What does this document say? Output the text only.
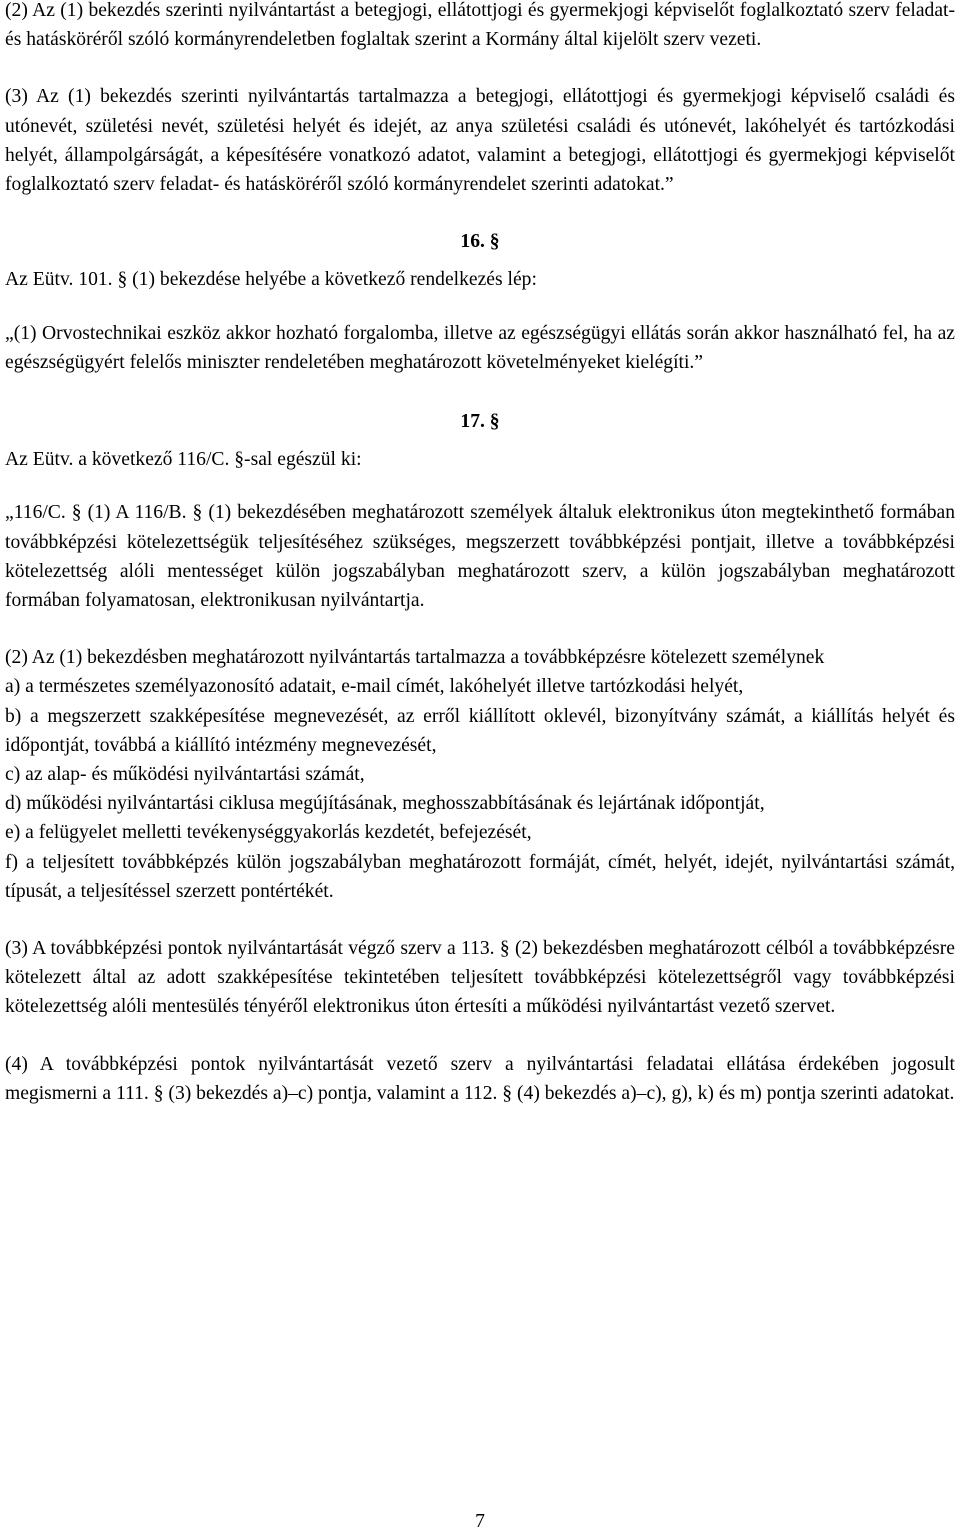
(2) Az (1) bekezdés szerinti nyilvántartást a betegjogi, ellátottjogi és gyermekjogi képviselőt foglalkoztató szerv feladat- és hatásköréről szóló kormányrendeletben foglaltak szerint a Kormány által kijelölt szerv vezeti.

(3) Az (1) bekezdés szerinti nyilvántartás tartalmazza a betegjogi, ellátottjogi és gyermekjogi képviselő családi és utónevét, születési nevét, születési helyét és idejét, az anya születési családi és utónevét, lakóhelyét és tartózkodási helyét, állampolgárságát, a képesítésére vonatkozó adatot, valamint a betegjogi, ellátottjogi és gyermekjogi képviselőt foglalkoztató szerv feladat- és hatásköréről szóló kormányrendelet szerinti adatokat.”

16. §

Az Eütv. 101. § (1) bekezdése helyébe a következő rendelkezés lép:

„(1) Orvostechnikai eszköz akkor hozható forgalomba, illetve az egészségügyi ellátás során akkor használható fel, ha az egészségügyért felelős miniszter rendeletében meghatározott követelményeket kielégíti.”

17. §

Az Eütv. a következő 116/C. §-sal egészül ki:

„116/C. § (1) A 116/B. § (1) bekezdésében meghatározott személyek általuk elektronikus úton megtekinthető formában továbbképzési kötelezettségük teljesítéséhez szükséges, megszerzett továbbképzési pontjait, illetve a továbbképzési kötelezettség alóli mentességet külön jogszabályban meghatározott szerv, a külön jogszabályban meghatározott formában folyamatosan, elektronikusan nyilvántartja.

(2) Az (1) bekezdésben meghatározott nyilvántartás tartalmazza a továbbképzésre kötelezett személynek

a) a természetes személyazonosító adatait, e-mail címét, lakóhelyét illetve tartózkodási helyét,

b) a megszerzett szakképesítése megnevezését, az erről kiállított oklevél, bizonyítvány számát, a kiállítás helyét és időpontját, továbbá a kiállító intézmény megnevezését,

c) az alap- és működési nyilvántartási számát,

d) működési nyilvántartási ciklusa megújításának, meghosszabbításának és lejártának időpontját,

e) a felügyelet melletti tevékenységgyakorlás kezdetét, befejezését,

f) a teljesített továbbképzés külön jogszabályban meghatározott formáját, címét, helyét, idejét, nyilvántartási számát, típusát, a teljesítéssel szerzett pontértékét.

(3) A továbbképzési pontok nyilvántartását végző szerv a 113. § (2) bekezdésben meghatározott célból a továbbképzésre kötelezett által az adott szakképesítése tekintetében teljesített továbbképzési kötelezettségről vagy továbbképzési kötelezettség alóli mentesülés tényéről elektronikus úton értesíti a működési nyilvántartást vezető szervet.

(4) A továbbképzési pontok nyilvántartását vezető szerv a nyilvántartási feladatai ellátása érdekében jogosult megismerni a 111. § (3) bekezdés a)–c) pontja, valamint a 112. § (4) bekezdés a)–c), g), k) és m) pontja szerinti adatokat.

7
